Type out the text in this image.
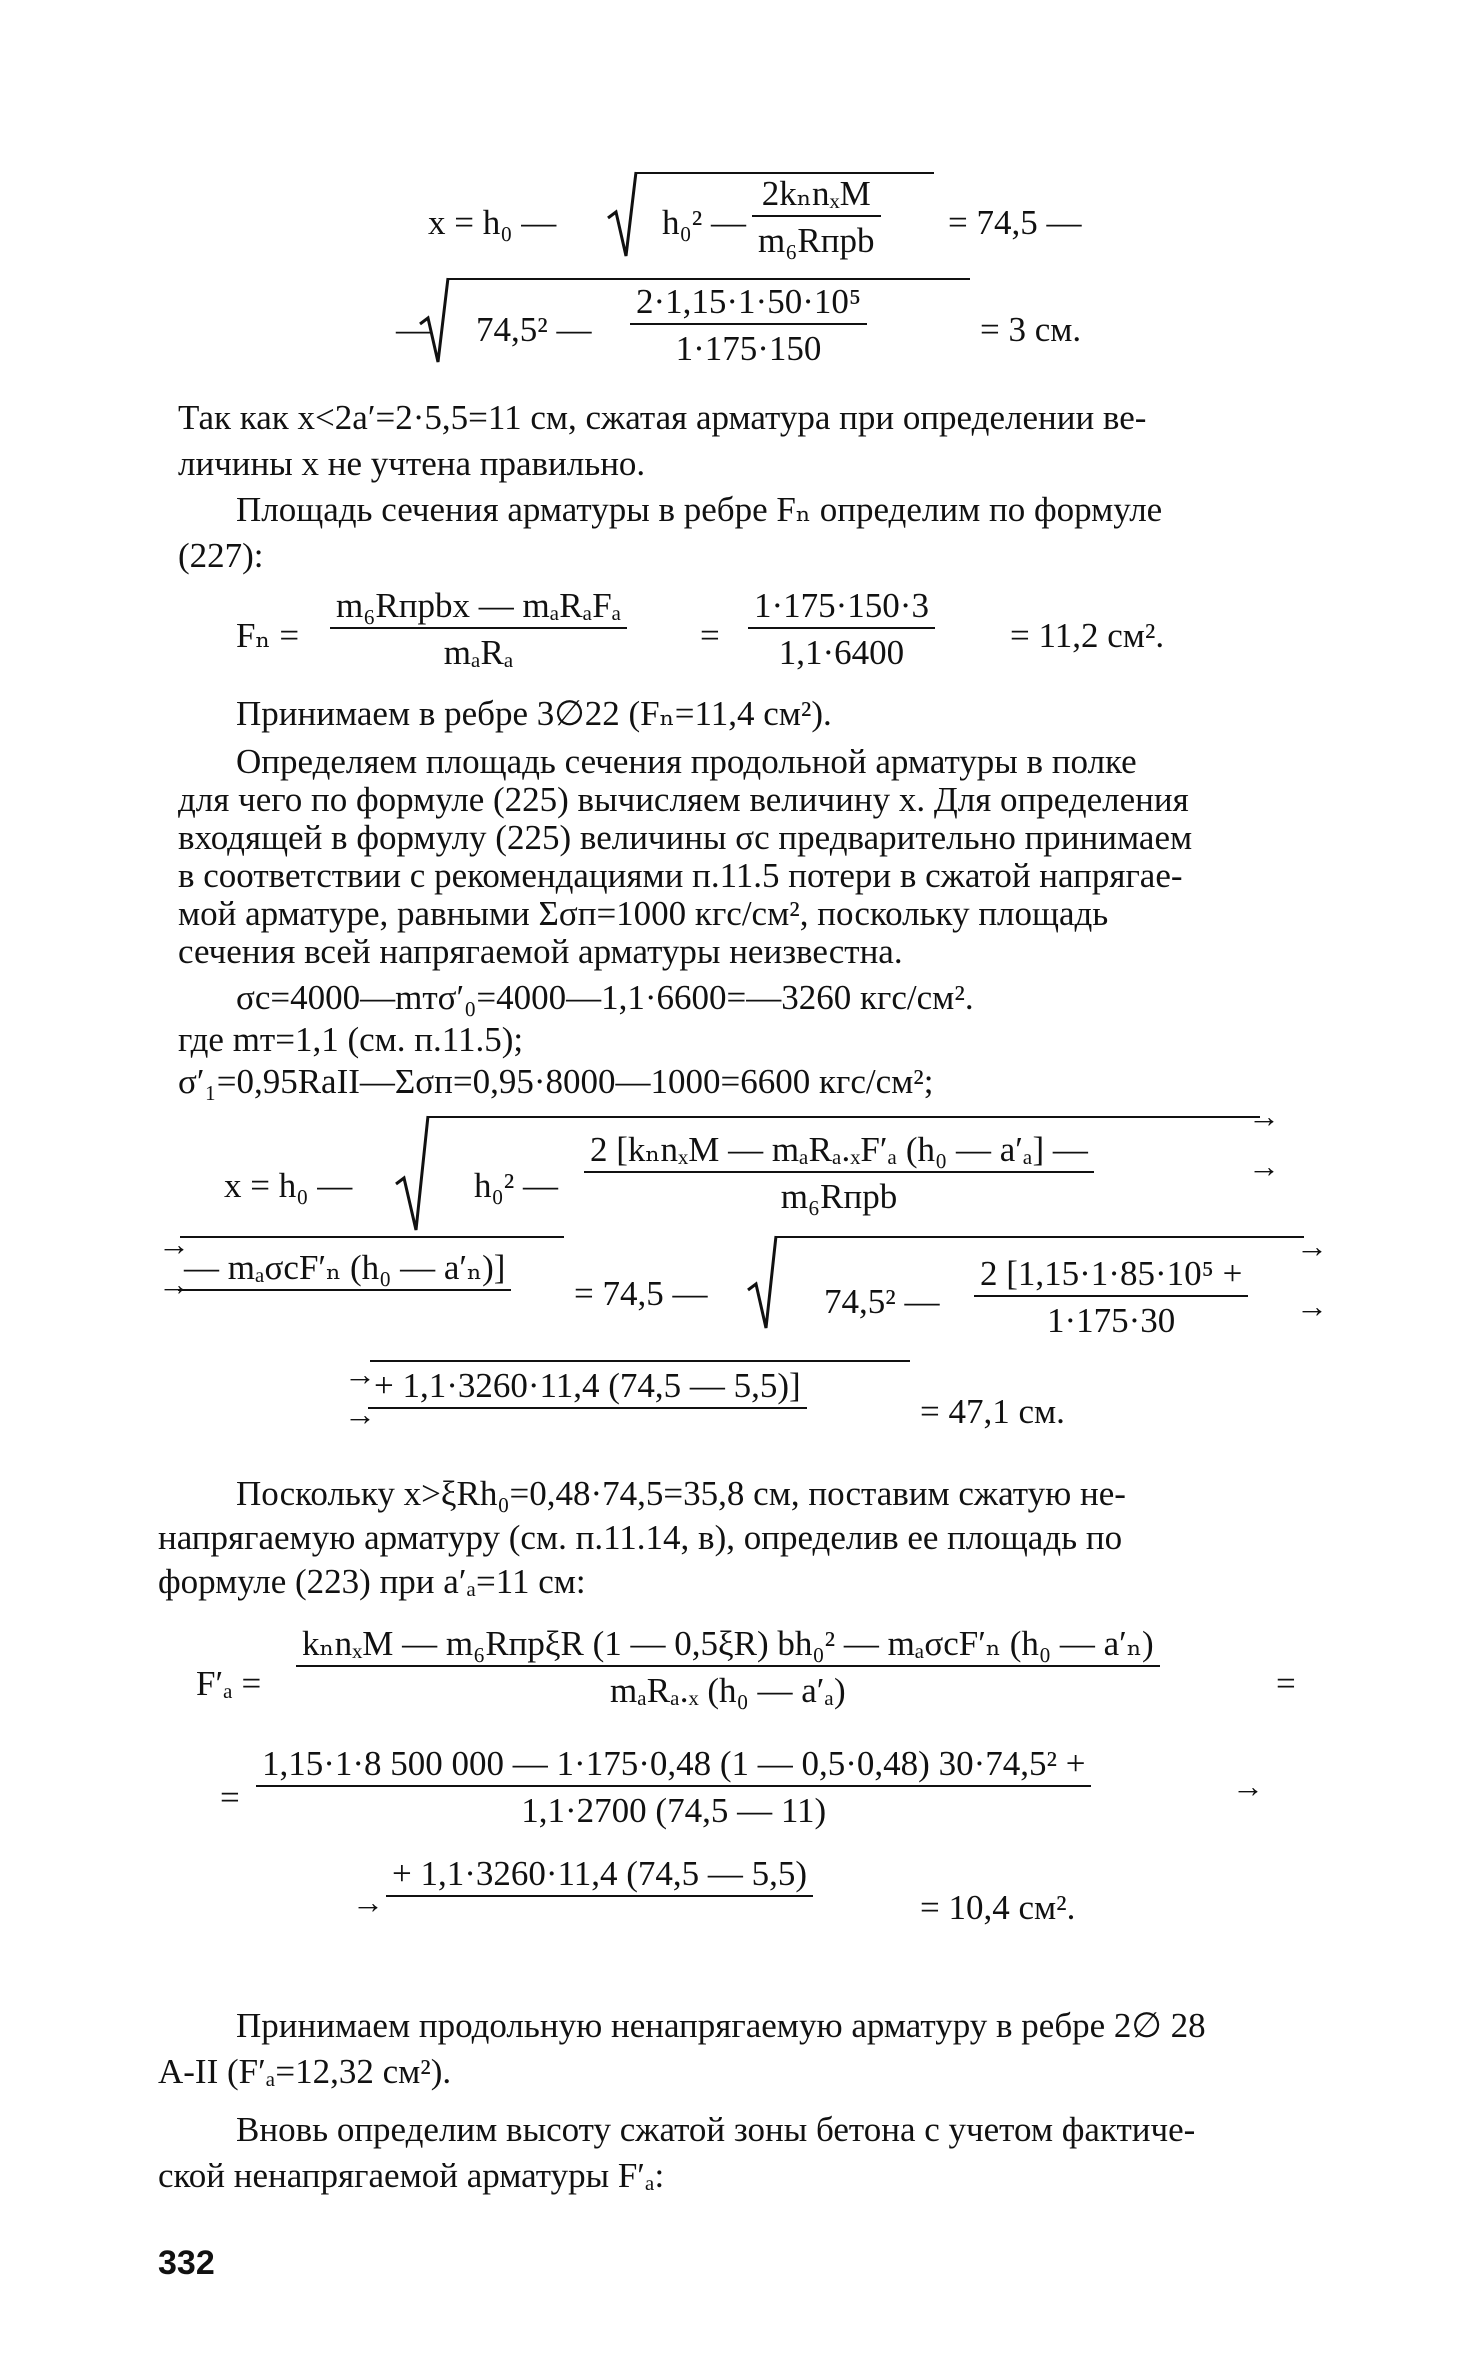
x = h₀ —	h₀² —
2kₙnₓM
m₆Rпрb = 74,5 —
— 74,5² — $\frac{\text{2·1,15·1·50·10⁵}}{1\cdot 175\cdot 150}$	= 3 см.
Так как x<2a′=2·5,5=11 см, сжатая арматура при определении ве-
личины x не учтена правильно.
Площадь сечения арматуры в ребре Fₙ определим по формуле
(227):
Fₙ =
m₆Rпрbx — mₐRₐFₐ
mₐRₐ	= $\frac{1\cdot 175\cdot 150\cdot 3}{1,1\cdot 6400} = 11,2$ см².
Принимаем в ребре 3∅22 (Fₙ=11,4 см²).
Определяем площадь сечения продольной арматуры в полке
для чего по формуле (225) вычисляем величину x. Для определения
входящей в формулу (225) величины σc предварительно принимаем
в соответствии с рекомендациями п.11.5 потери в сжатой напрягае-
мой арматуре, равными Σσп=1000 кгс/см², поскольку площадь
сечения всей напрягаемой арматуры неизвестна.
σc=4000—mтσ′₀=4000—1,1·6600=—3260 кгс/см².
где mт=1,1 (см. п.11.5);
σ′₁=0,95RаII—Σσп=0,95·8000—1000=6600 кгс/см²;
x = h₀ —	h₀² —
2 [kₙnₓM — mₐRₐ.ₓF′ₐ (h₀ — a′ₐ] —
m₆Rпрb
→
→
→
→
— mₐσcF′ₙ (h₀ — a′ₙ)]
= 74,5 —	74,5² — $\frac{\text{2 [1,15·1·85·10⁵ +}}{1\cdot 175\cdot 30}$
→
→
→
→
+ 1,1·3260·11,4 (74,5 — 5,5)]
= 47,1 см.
Поскольку x>ξRh₀=0,48·74,5=35,8 см, поставим сжатую не-
напрягаемую арматуру (см. п.11.14, в), определив ее площадь по
формуле (223) при a′ₐ=11 см:
F′ₐ =
kₙnₓM — m₆RпрξR (1 — 0,5ξR) bh₀² — mₐσcF′ₙ (h₀ — a′ₙ)
mₐRₐ.ₓ (h₀ — a′ₐ)	=
= $\frac{\text{1,15·1·8 500 000 — 1·175·0,48 (1 — 0,5·0,48) 30·74,5² +}}{1,1\cdot 2700 (74,5 — 11)}$	→
→
+ 1,1·3260·11,4 (74,5 — 5,5)
= 10,4 см².
Принимаем продольную ненапрягаемую арматуру в ребре 2∅ 28
A-II (F′ₐ=12,32 см²).
Вновь определим высоту сжатой зоны бетона с учетом фактиче-
ской ненапрягаемой арматуры F′ₐ:
332
